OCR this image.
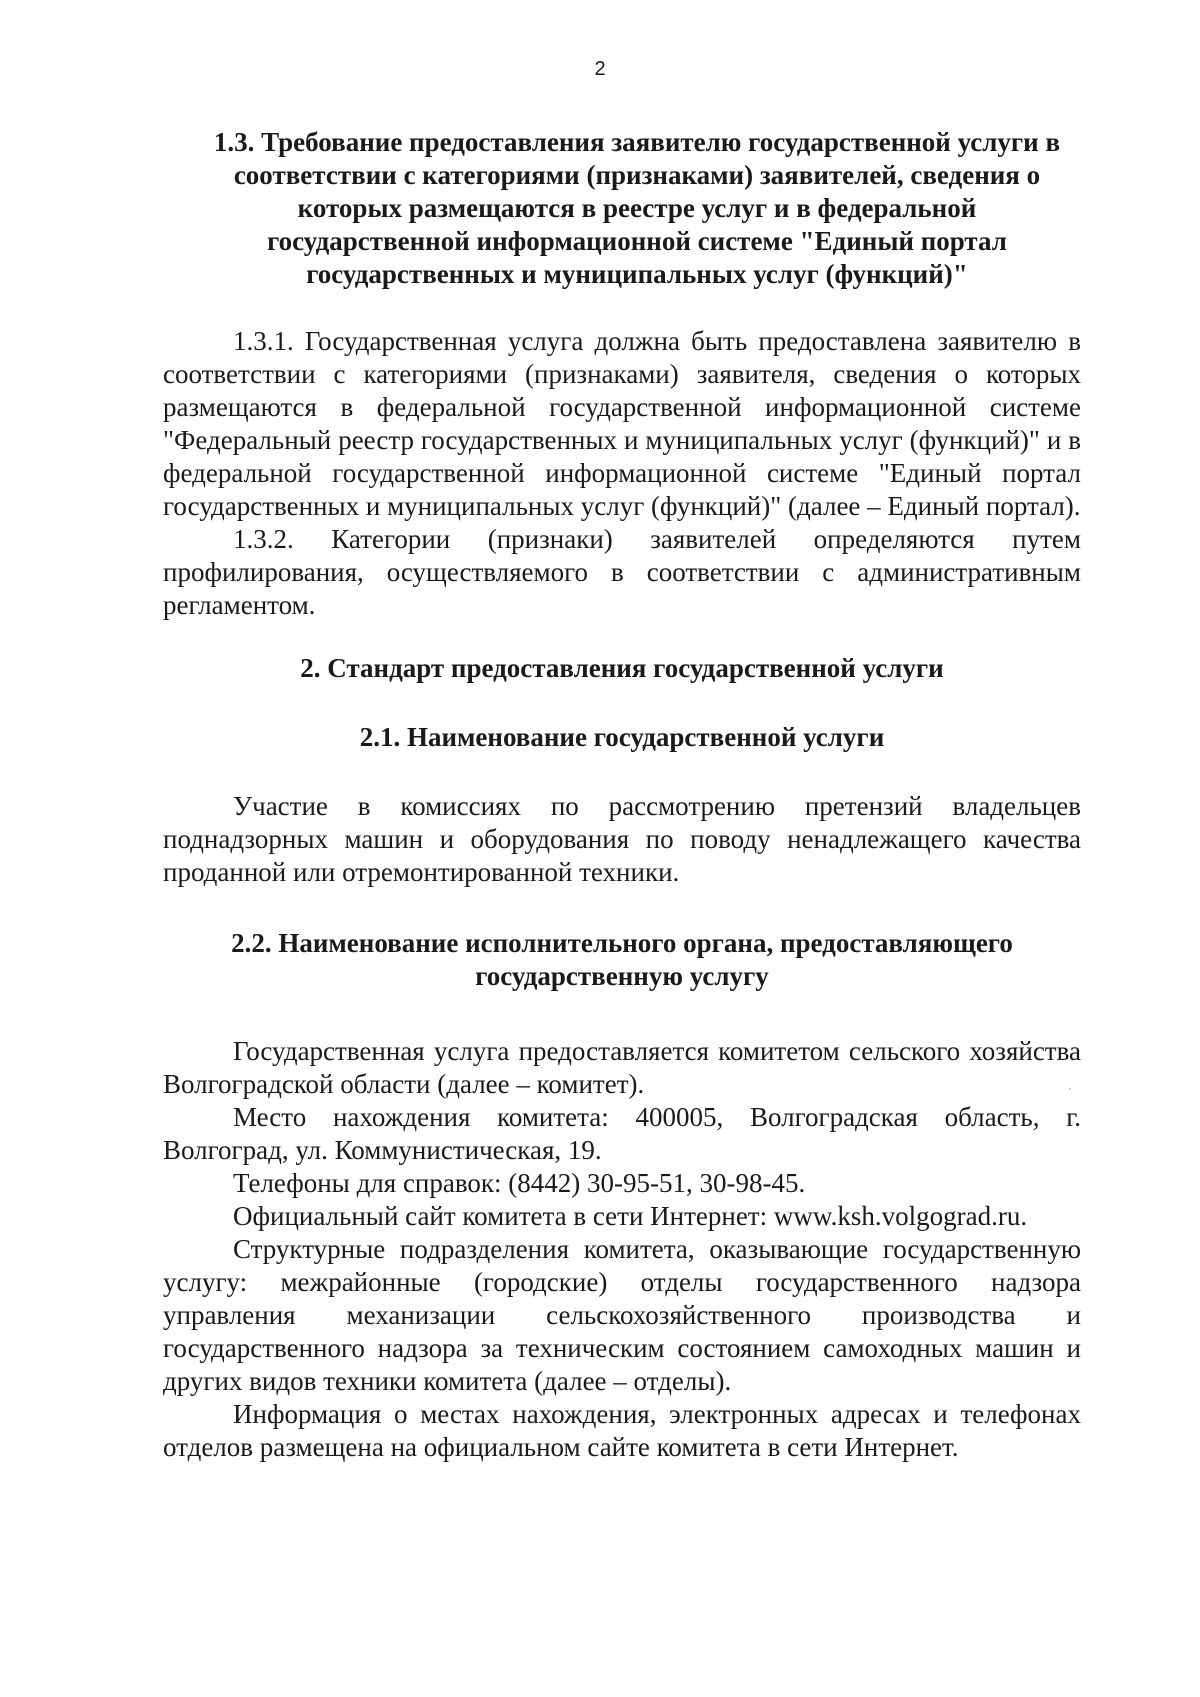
2
1.3. Требование предоставления заявителю государственной услуги в соответствии с категориями (признаками) заявителей, сведения о которых размещаются в реестре услуг и в федеральной государственной информационной системе "Единый портал государственных и муниципальных услуг (функций)"

1.3.1. Государственная услуга должна быть предоставлена заявителю в соответствии с категориями (признаками) заявителя, сведения о которых размещаются в федеральной государственной информационной системе "Федеральный реестр государственных и муниципальных услуг (функций)" и в федеральной государственной информационной системе "Единый портал государственных и муниципальных услуг (функций)" (далее – Единый портал).

1.3.2. Категории (признаки) заявителей определяются путем профилирования, осуществляемого в соответствии с административным регламентом.

2. Стандарт предоставления государственной услуги
2.1. Наименование государственной услуги

Участие в комиссиях по рассмотрению претензий владельцев поднадзорных машин и оборудования по поводу ненадлежащего качества проданной или отремонтированной техники.

2.2. Наименование исполнительного органа, предоставляющего государственную услугу

Государственная услуга предоставляется комитетом сельского хозяйства Волгоградской области (далее – комитет).

Место нахождения комитета: 400005, Волгоградская область, г. Волгоград, ул. Коммунистическая, 19.

Телефоны для справок: (8442) 30-95-51, 30-98-45.

Официальный сайт комитета в сети Интернет: www.ksh.volgograd.ru.

Структурные подразделения комитета, оказывающие государственную услугу: межрайонные (городские) отделы государственного надзора управления механизации сельскохозяйственного производства и государственного надзора за техническим состоянием самоходных машин и других видов техники комитета (далее – отделы).

Информация о местах нахождения, электронных адресах и телефонах отделов размещена на официальном сайте комитета в сети Интернет.
